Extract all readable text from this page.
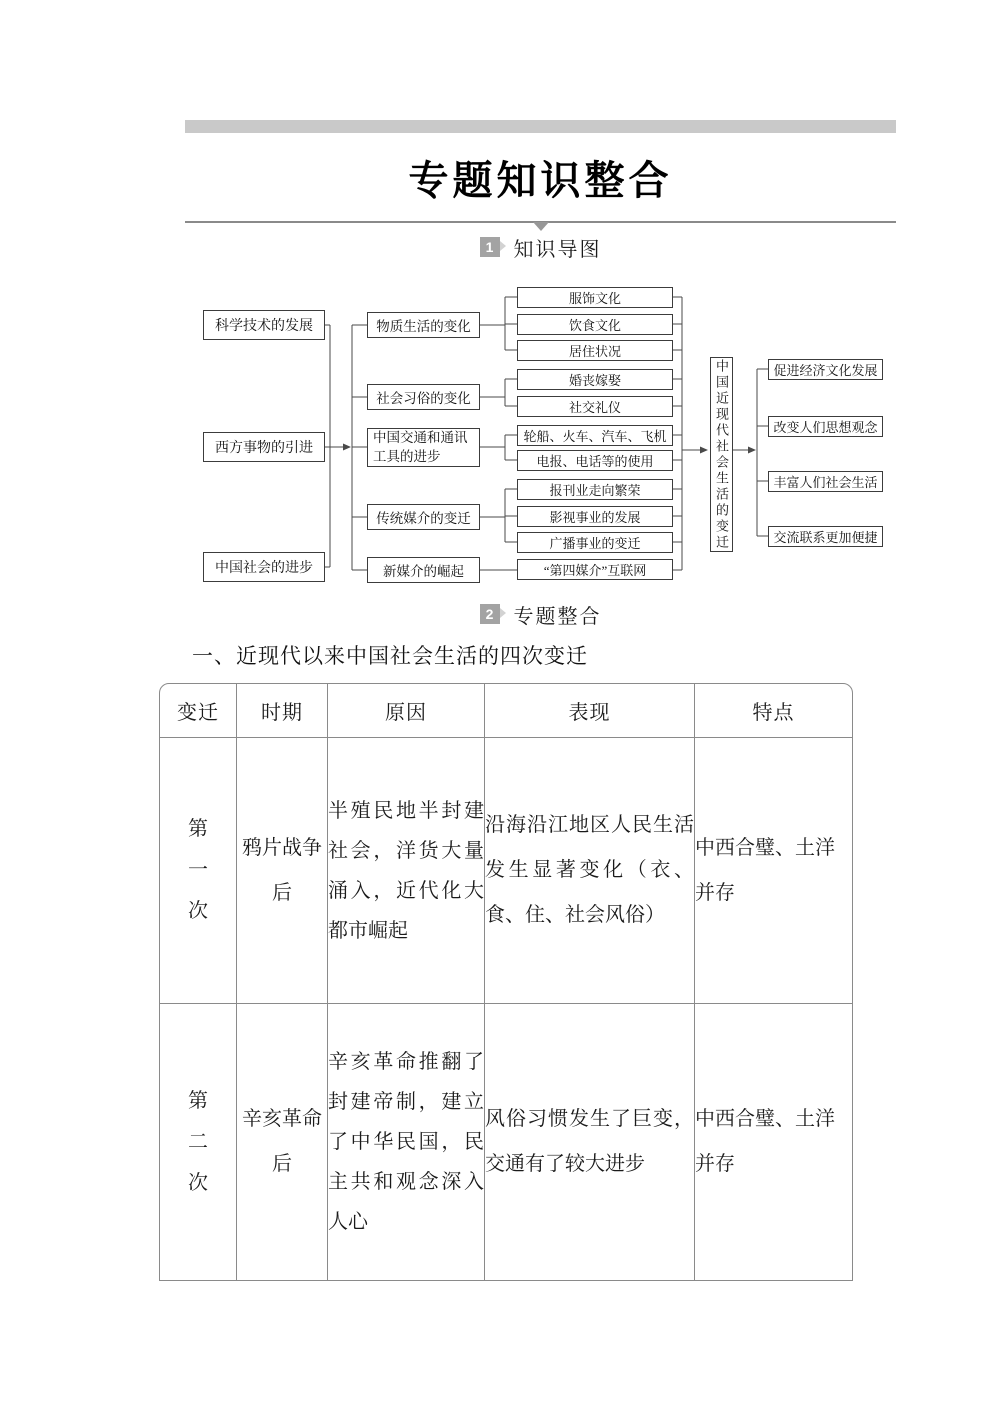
专题知识整合
1	知识导图
科学技术的发展
西方事物的引进
中国社会的进步
物质生活的变化
社会习俗的变化
中国交通和通讯工具的进步
传统媒介的变迁
新媒介的崛起
服饰文化
饮食文化
居住状况
婚丧嫁娶
社交礼仪
轮船、火车、汽车、飞机
电报、电话等的使用
报刊业走向繁荣
影视事业的发展
广播事业的变迁
“第四媒介”互联网
中国近现代社会生活的变迁	促进经济文化发展
改变人们思想观念
丰富人们社会生活
交流联系更加便捷
2	专题整合
一、近现代以来中国社会生活的四次变迁
变迁	时期	原因	表现	特点

第一次	鸦片战争后	半殖民地半封建社会，洋货大量涌入，近代化大都市崛起	沿海沿江地区人民生活发生显著变化（衣、食、住、社会风俗）	中西合璧、土洋并存

第二次	辛亥革命后	辛亥革命推翻了封建帝制，建立了中华民国，民主共和观念深入人心	风俗习惯发生了巨变，交通有了较大进步	中西合璧、土洋并存
